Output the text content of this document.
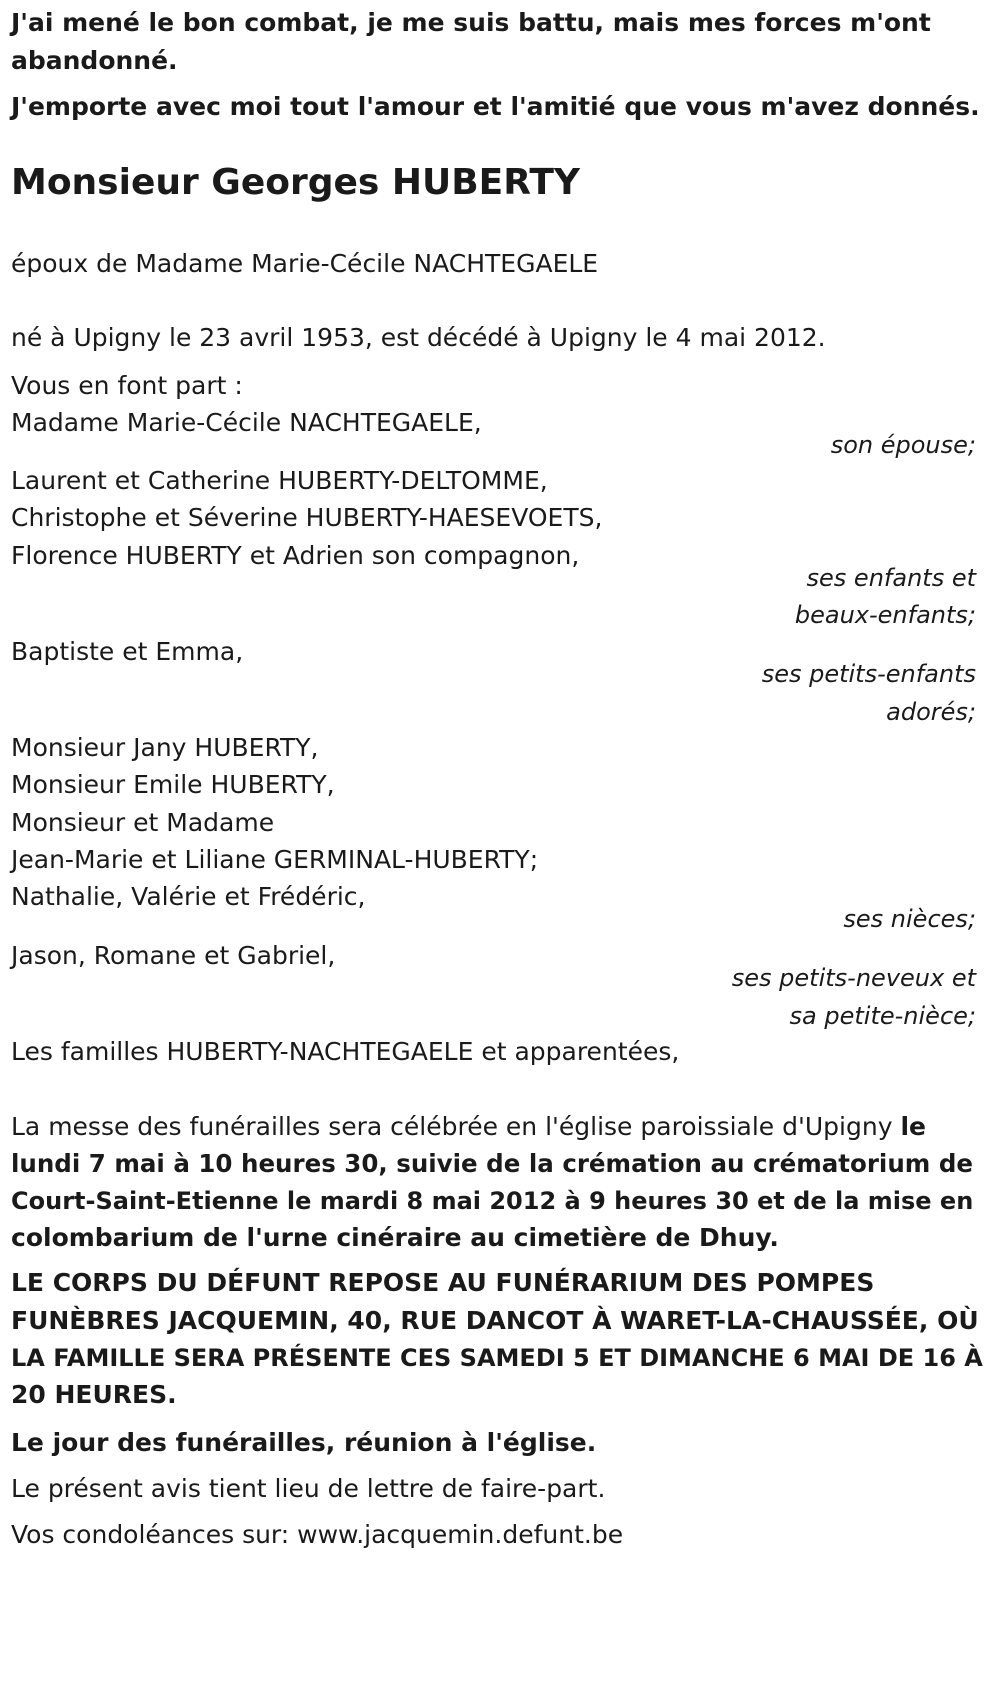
J'ai mené le bon combat, je me suis battu, mais mes forces m'ont
abandonné.
J'emporte avec moi tout l'amour et l'amitié que vous m'avez donnés.
Monsieur Georges HUBERTY
époux de Madame Marie-Cécile NACHTEGAELE
né à Upigny le 23 avril 1953, est décédé à Upigny le 4 mai 2012.
Vous en font part :
Madame Marie-Cécile NACHTEGAELE,
son épouse;
Laurent et Catherine HUBERTY-DELTOMME,
Christophe et Séverine HUBERTY-HAESEVOETS,
Florence HUBERTY et Adrien son compagnon,
ses enfants et
beaux-enfants;
Baptiste et Emma,
ses petits-enfants
adorés;
Monsieur Jany HUBERTY,
Monsieur Emile HUBERTY,
Monsieur et Madame
Jean-Marie et Liliane GERMINAL-HUBERTY;
Nathalie, Valérie et Frédéric,
ses nièces;
Jason, Romane et Gabriel,
ses petits-neveux et
sa petite-nièce;
Les familles HUBERTY-NACHTEGAELE et apparentées,
La messe des funérailles sera célébrée en l'église paroissiale d'Upigny le
lundi 7 mai à 10 heures 30, suivie de la crémation au crématorium de
Court-Saint-Etienne le mardi 8 mai 2012 à 9 heures 30 et de la mise en
colombarium de l'urne cinéraire au cimetière de Dhuy.
LE CORPS DU DÉFUNT REPOSE AU FUNÉRARIUM DES POMPES
FUNÈBRES JACQUEMIN, 40, RUE DANCOT À WARET-LA-CHAUSSÉE, OÙ
LA FAMILLE SERA PRÉSENTE CES SAMEDI 5 ET DIMANCHE 6 MAI DE 16 À
20 HEURES.
Le jour des funérailles, réunion à l'église.
Le présent avis tient lieu de lettre de faire-part.
Vos condoléances sur: www.jacquemin.defunt.be
